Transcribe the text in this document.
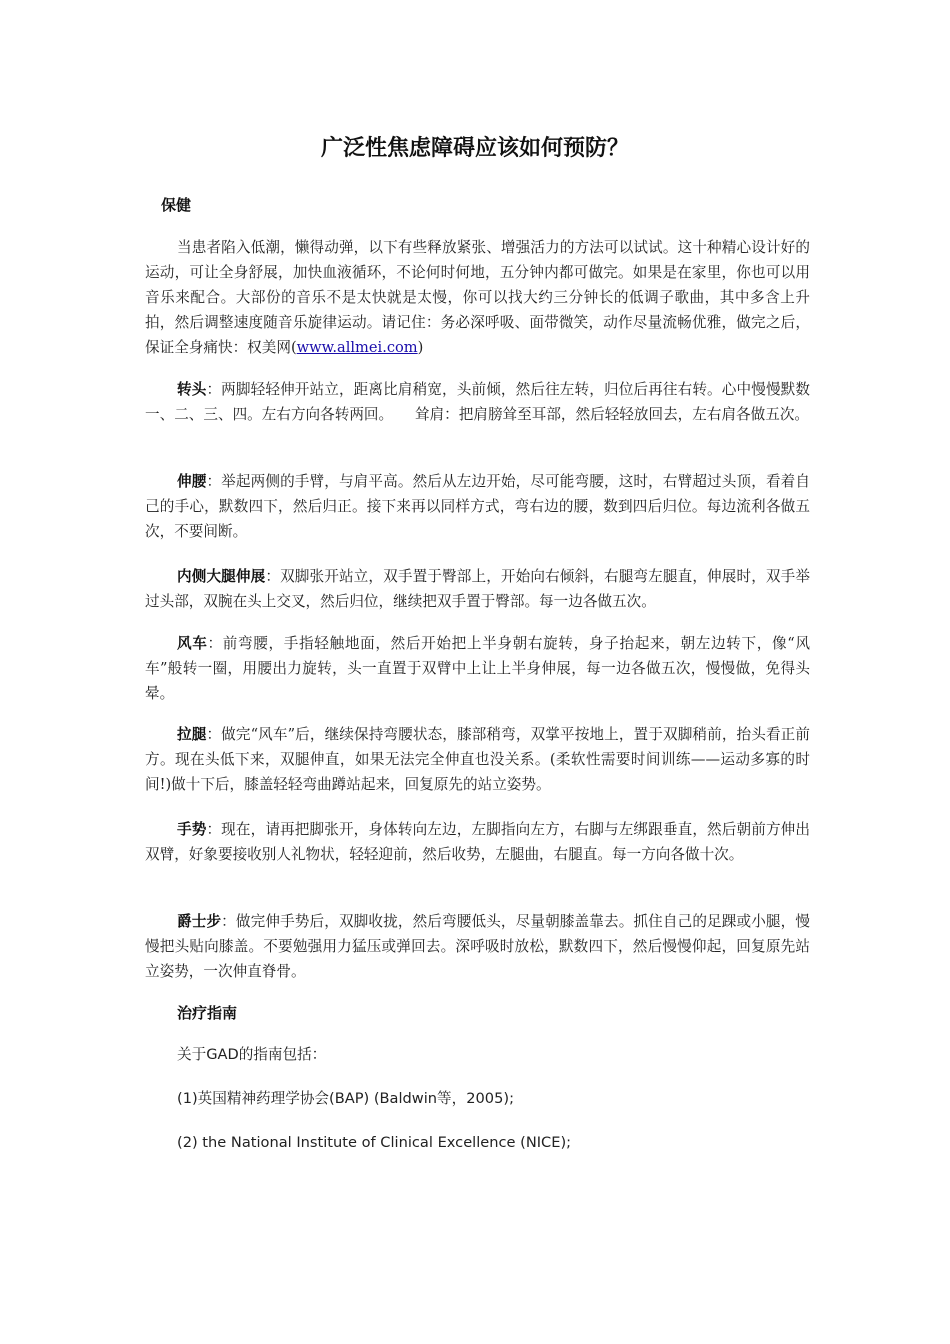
广泛性焦虑障碍应该如何预防？
保健

当患者陷入低潮，懒得动弹，以下有些释放紧张、增强活力的方法可以试试。这十种精心设计好的运动，可让全身舒展，加快血液循环，不论何时何地，五分钟内都可做完。如果是在家里，你也可以用音乐来配合。大部份的音乐不是太快就是太慢，你可以找大约三分钟长的低调子歌曲，其中多含上升拍，然后调整速度随音乐旋律运动。请记住：务必深呼吸、面带微笑，动作尽量流畅优雅，做完之后，保证全身痛快：权美网(www.allmei.com)

转头：两脚轻轻伸开站立，距离比肩稍宽，头前倾，然后往左转，归位后再往右转。心中慢慢默数一、二、三、四。左右方向各转两回。　　耸肩：把肩膀耸至耳部，然后轻轻放回去，左右肩各做五次。

伸腰：举起两侧的手臂，与肩平高。然后从左边开始，尽可能弯腰，这时，右臂超过头顶，看着自己的手心，默数四下，然后归正。接下来再以同样方式，弯右边的腰，数到四后归位。每边流利各做五次，不要间断。

内侧大腿伸展：双脚张开站立，双手置于臀部上，开始向右倾斜，右腿弯左腿直，伸展时，双手举过头部，双腕在头上交叉，然后归位，继续把双手置于臀部。每一边各做五次。

风车：前弯腰，手指轻触地面，然后开始把上半身朝右旋转，身子抬起来，朝左边转下，像“风车”般转一圈，用腰出力旋转，头一直置于双臂中上让上半身伸展，每一边各做五次，慢慢做，免得头晕。

拉腿：做完“风车”后，继续保持弯腰状态，膝部稍弯，双掌平按地上，置于双脚稍前，抬头看正前方。现在头低下来，双腿伸直，如果无法完全伸直也没关系。(柔软性需要时间训练——运动多寡的时间!)做十下后，膝盖轻轻弯曲蹲站起来，回复原先的站立姿势。

手势：现在，请再把脚张开，身体转向左边，左脚指向左方，右脚与左绑跟垂直，然后朝前方伸出双臂，好象要接收别人礼物状，轻轻迎前，然后收势，左腿曲，右腿直。每一方向各做十次。

爵士步：做完伸手势后，双脚收拢，然后弯腰低头，尽量朝膝盖靠去。抓住自己的足踝或小腿，慢慢把头贴向膝盖。不要勉强用力猛压或弹回去。深呼吸时放松，默数四下，然后慢慢仰起，回复原先站立姿势，一次伸直脊骨。

治疗指南

关于GAD的指南包括：

(1)英国精神药理学协会(BAP) (Baldwin等，2005);

(2) the National Institute of Clinical Excellence (NICE);
